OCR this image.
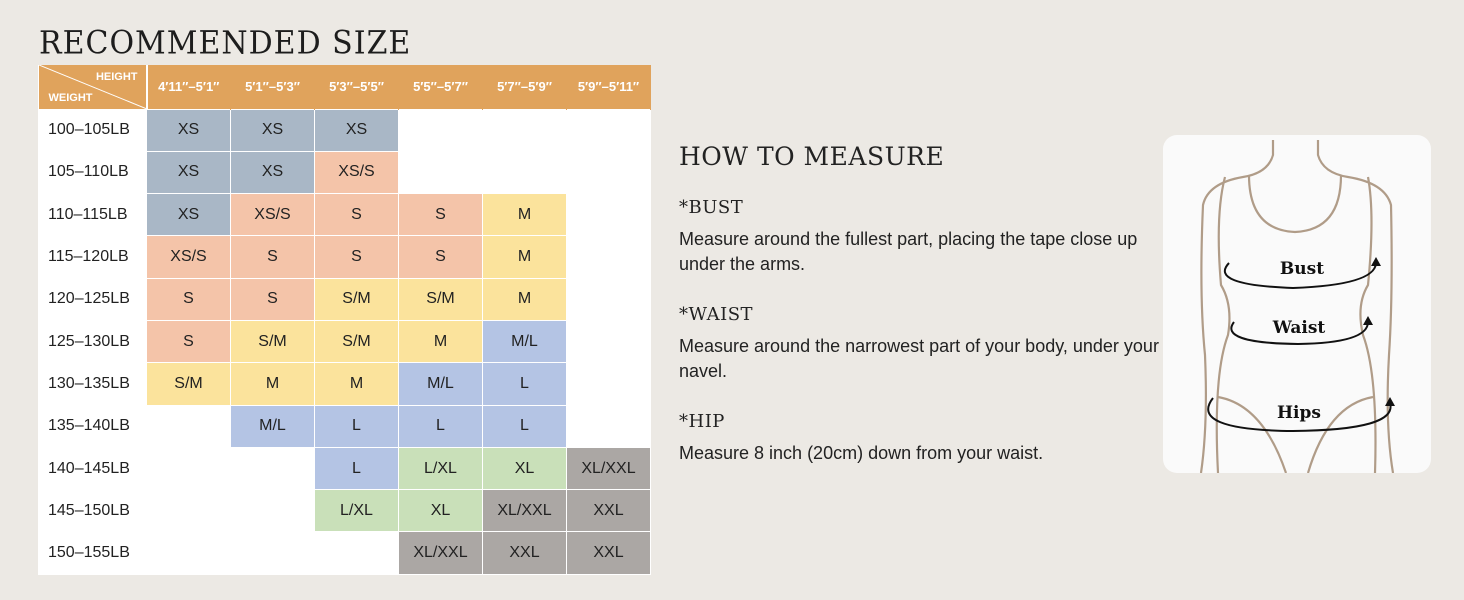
RECOMMENDED SIZE
HEIGHT
WEIGHT	4′11″–5′1″	5′1″–5′3″	5′3″–5′5″	5′5″–5′7″	5′7″–5′9″	5′9″–5′11″
100–105LB	XS	XS	XS			
105–110LB	XS	XS	XS/S			
110–115LB	XS	XS/S	S	S	M	
115–120LB	XS/S	S	S	S	M	
120–125LB	S	S	S/M	S/M	M	
125–130LB	S	S/M	S/M	M	M/L	
130–135LB	S/M	M	M	M/L	L	
135–140LB		M/L	L	L	L	
140–145LB			L	L/XL	XL	XL/XXL
145–150LB			L/XL	XL	XL/XXL	XXL
150–155LB				XL/XXL	XXL	XXL
HOW TO MEASURE
*BUST
Measure around the fullest part, placing the tape close up under the arms.
*WAIST
Measure around the narrowest part of your body, under your navel.
*HIP
Measure 8 inch (20cm) down from your waist.
Bust
Waist
Hips
